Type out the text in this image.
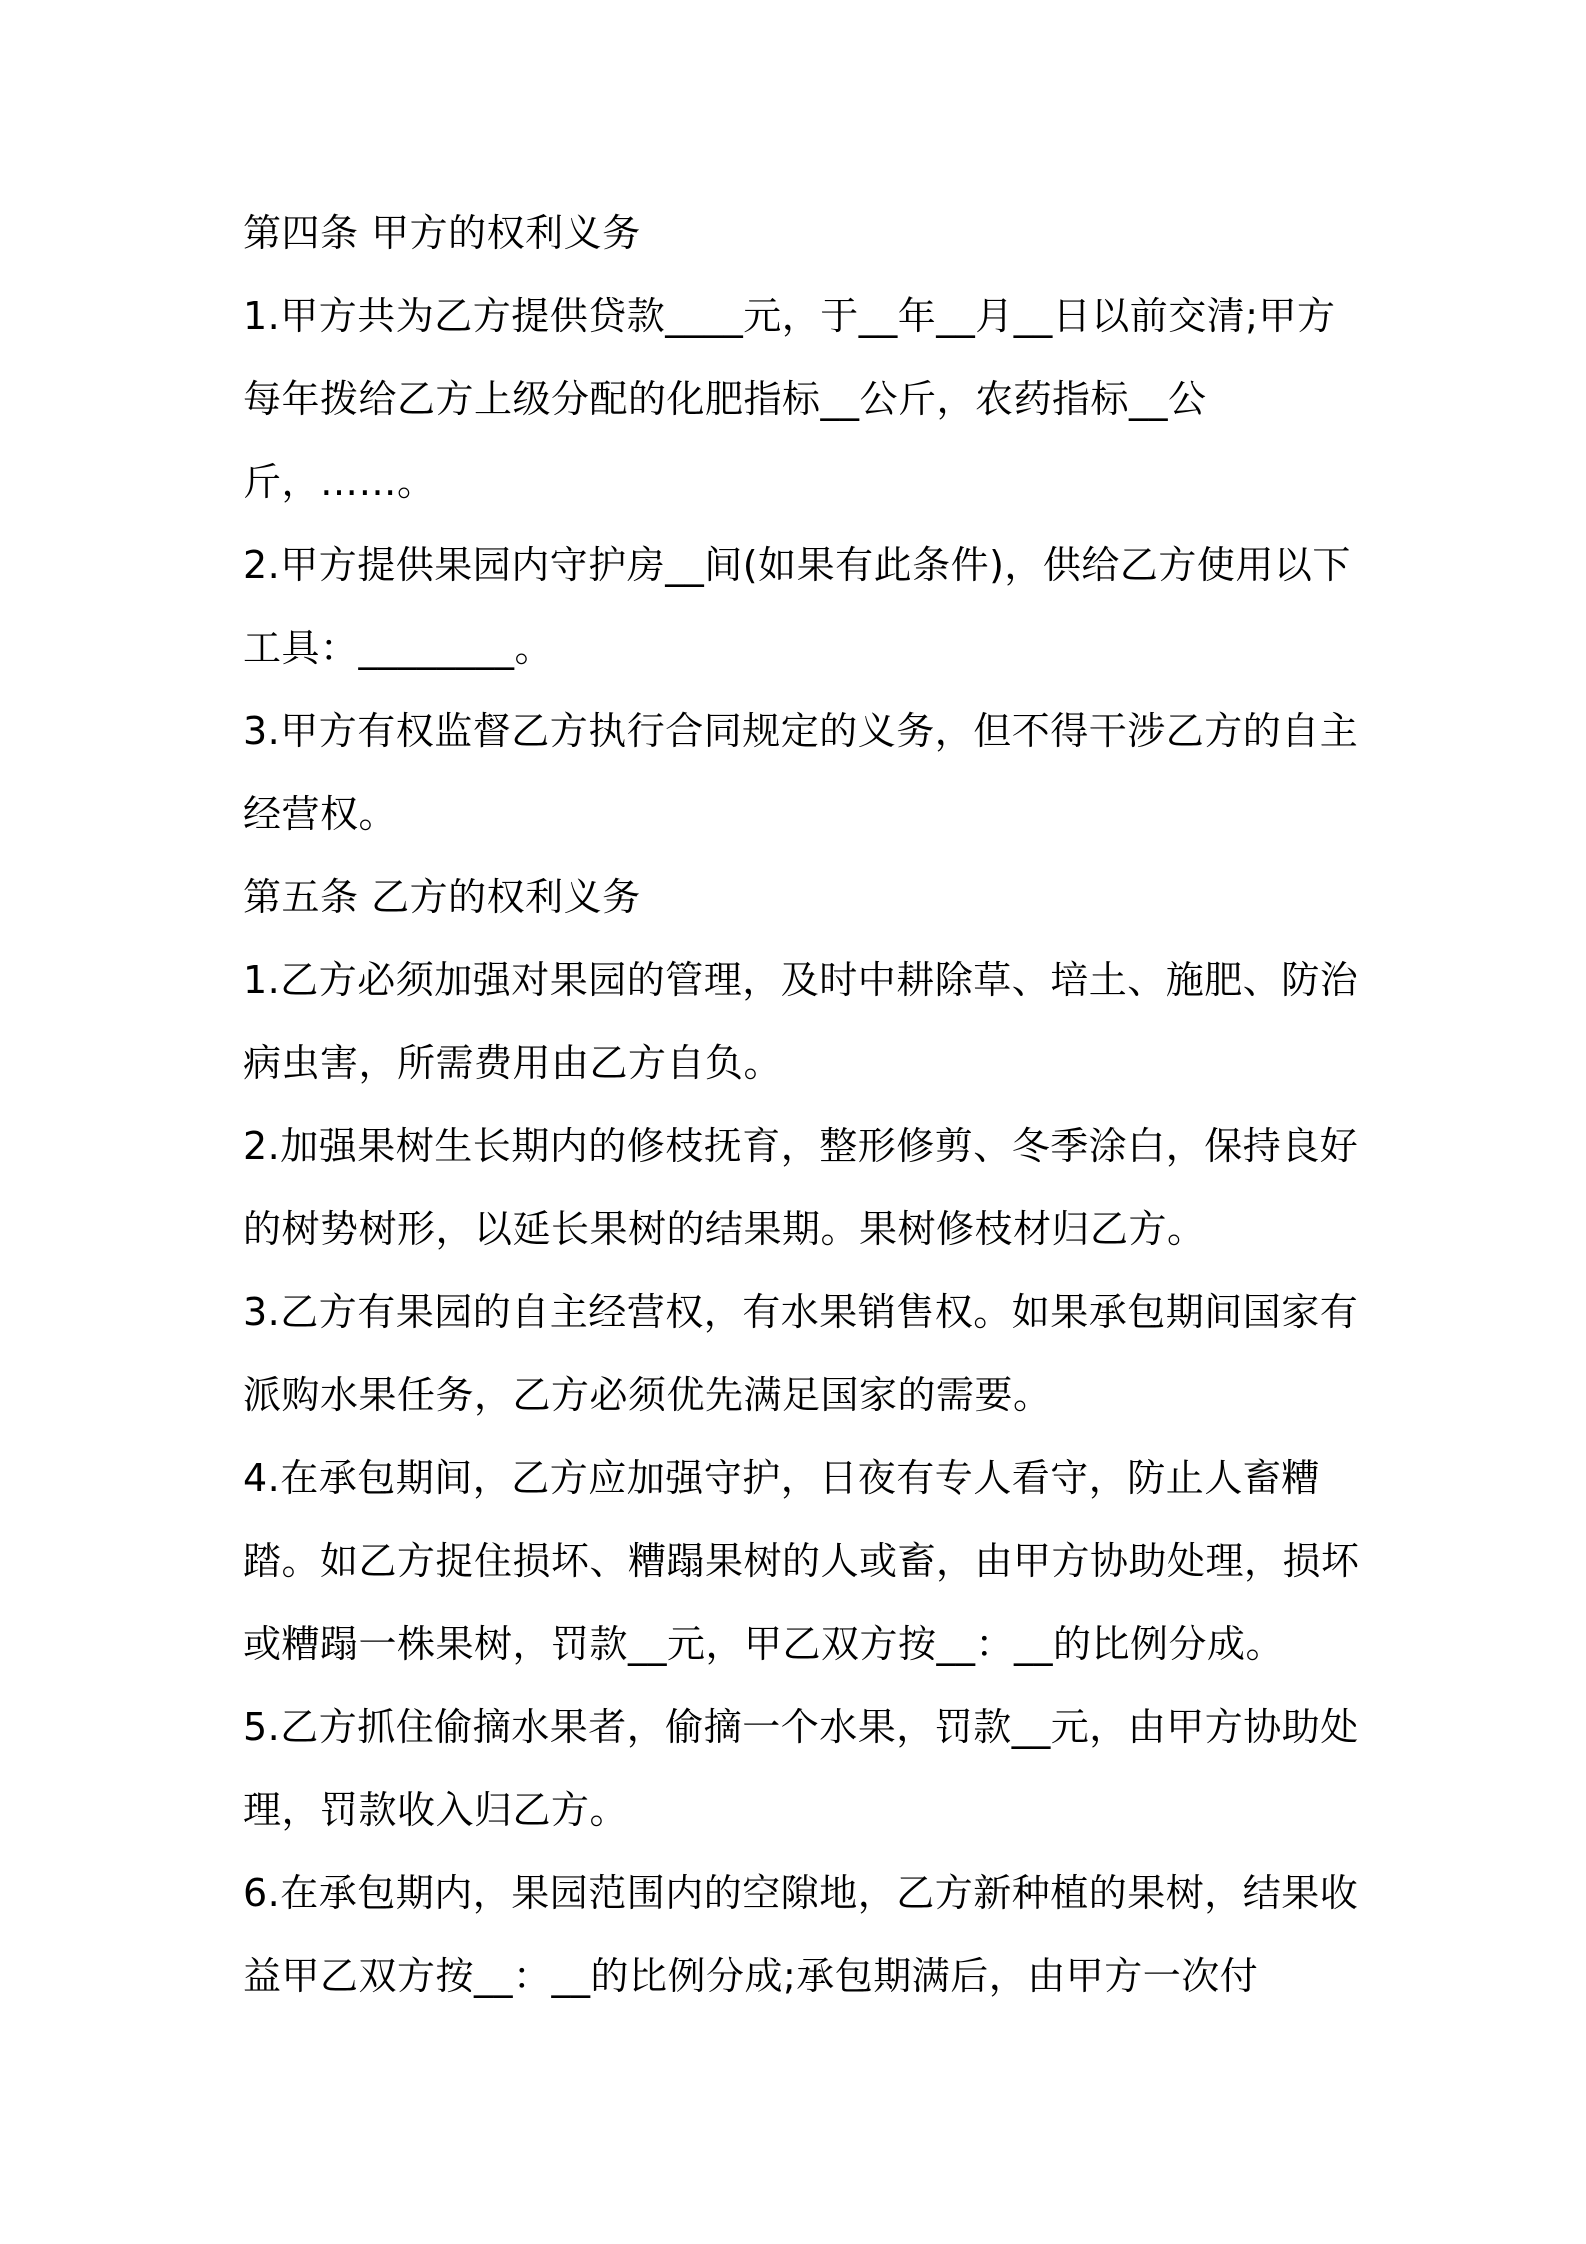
第四条 甲方的权利义务

1.甲方共为乙方提供贷款____元，于__年__月__日以前交清;甲方每年拨给乙方上级分配的化肥指标__公斤，农药指标__公斤，……。

2.甲方提供果园内守护房__间(如果有此条件)，供给乙方使用以下工具：________。

3.甲方有权监督乙方执行合同规定的义务，但不得干涉乙方的自主经营权。

第五条 乙方的权利义务

1.乙方必须加强对果园的管理，及时中耕除草、培土、施肥、防治病虫害，所需费用由乙方自负。

2.加强果树生长期内的修枝抚育，整形修剪、冬季涂白，保持良好的树势树形，以延长果树的结果期。果树修枝材归乙方。

3.乙方有果园的自主经营权，有水果销售权。如果承包期间国家有派购水果任务，乙方必须优先满足国家的需要。

4.在承包期间，乙方应加强守护，日夜有专人看守，防止人畜糟踏。如乙方捉住损坏、糟蹋果树的人或畜，由甲方协助处理，损坏或糟蹋一株果树，罚款__元，甲乙双方按__：__的比例分成。

5.乙方抓住偷摘水果者，偷摘一个水果，罚款__元，由甲方协助处理，罚款收入归乙方。

6.在承包期内，果园范围内的空隙地，乙方新种植的果树，结果收益甲乙双方按__：__的比例分成;承包期满后，由甲方一次付
